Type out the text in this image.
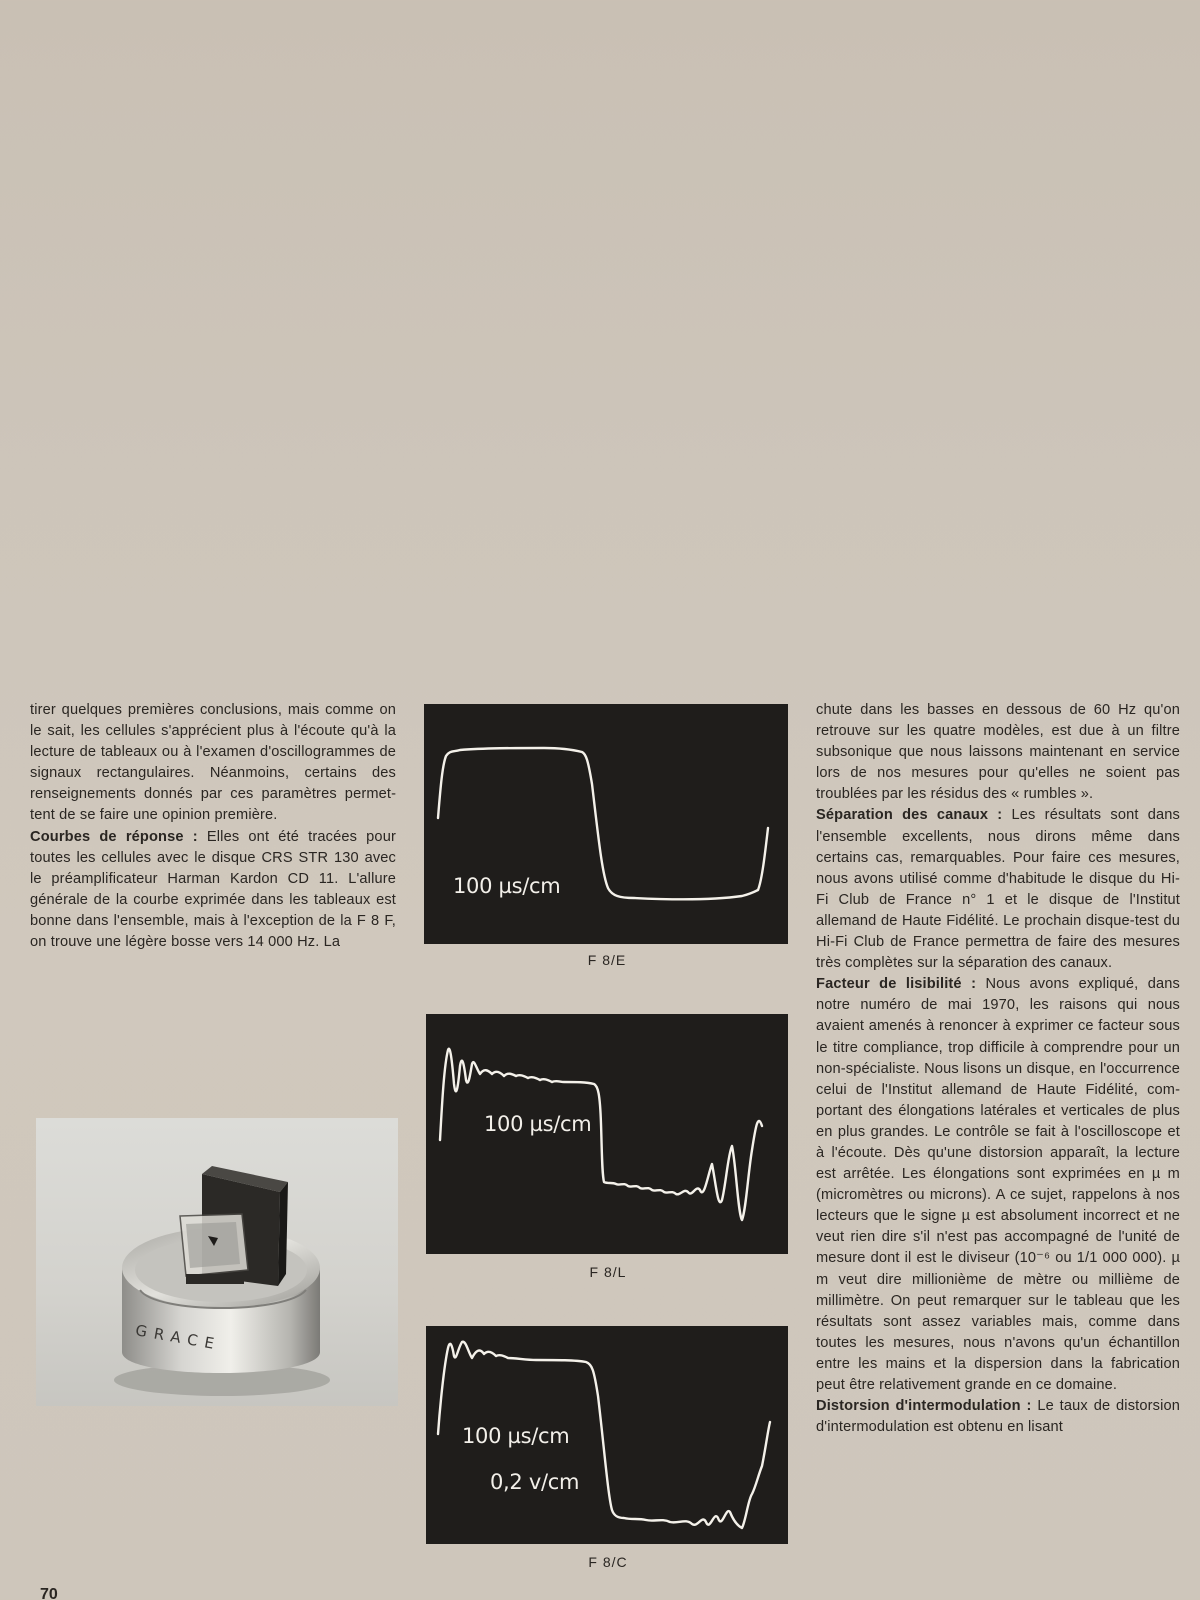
tirer quelques premières conclusions, mais comme on le sait, les cellules s'apprécient plus à l'écoute qu'à la lecture de tableaux ou à l'examen d'oscillogrammes de signaux rectangulaires. Néanmoins, certains des renseignements donnés par ces paramètres permettent de se faire une opinion première.

Courbes de réponse : Elles ont été tracées pour toutes les cellules avec le disque CRS STR 130 avec le préamplificateur Harman Kardon CD 11. L'allure générale de la courbe exprimée dans les tableaux est bonne dans l'ensemble, mais à l'exception de la F 8 F, on trouve une légère bosse vers 14 000 Hz. La

100 µs/cm
F 8/E
100 µs/cm
F 8/L
100 µs/cm
0,2 v/cm
F 8/C
GRACE

chute dans les basses en dessous de 60 Hz qu'on retrouve sur les quatre modèles, est due à un filtre subsonique que nous laissons maintenant en service lors de nos mesures pour qu'elles ne soient pas troublées par les résidus des « rumbles ».

Séparation des canaux : Les résultats sont dans l'ensemble excellents, nous dirons même dans certains cas, remarquables. Pour faire ces mesures, nous avons utilisé comme d'habitude le disque du Hi-Fi Club de France n° 1 et le disque de l'Institut allemand de Haute Fidélité. Le prochain disque-test du Hi-Fi Club de France permettra de faire des mesures très complètes sur la séparation des canaux.

Facteur de lisibilité : Nous avons expliqué, dans notre numéro de mai 1970, les raisons qui nous avaient amenés à renoncer à exprimer ce facteur sous le titre compliance, trop difficile à comprendre pour un non-spécialiste. Nous lisons un disque, en l'occurrence celui de l'Institut allemand de Haute Fidélité, comportant des élongations latérales et verticales de plus en plus grandes. Le contrôle se fait à l'oscilloscope et à l'écoute. Dès qu'une distorsion apparaît, la lecture est arrêtée. Les élongations sont exprimées en µ m (micromètres ou microns). A ce sujet, rappelons à nos lecteurs que le signe µ est absolument incorrect et ne veut rien dire s'il n'est pas accompagné de l'unité de mesure dont il est le diviseur (10⁻⁶ ou 1/1 000 000). µ m veut dire millionième de mètre ou millième de millimètre. On peut remarquer sur le tableau que les résultats sont assez variables mais, comme dans toutes les mesures, nous n'avons qu'un échantillon entre les mains et la dispersion dans la fabrication peut être relativement grande en ce domaine.

Distorsion d'intermodulation : Le taux de distorsion d'intermodulation est obtenu en lisant

70
